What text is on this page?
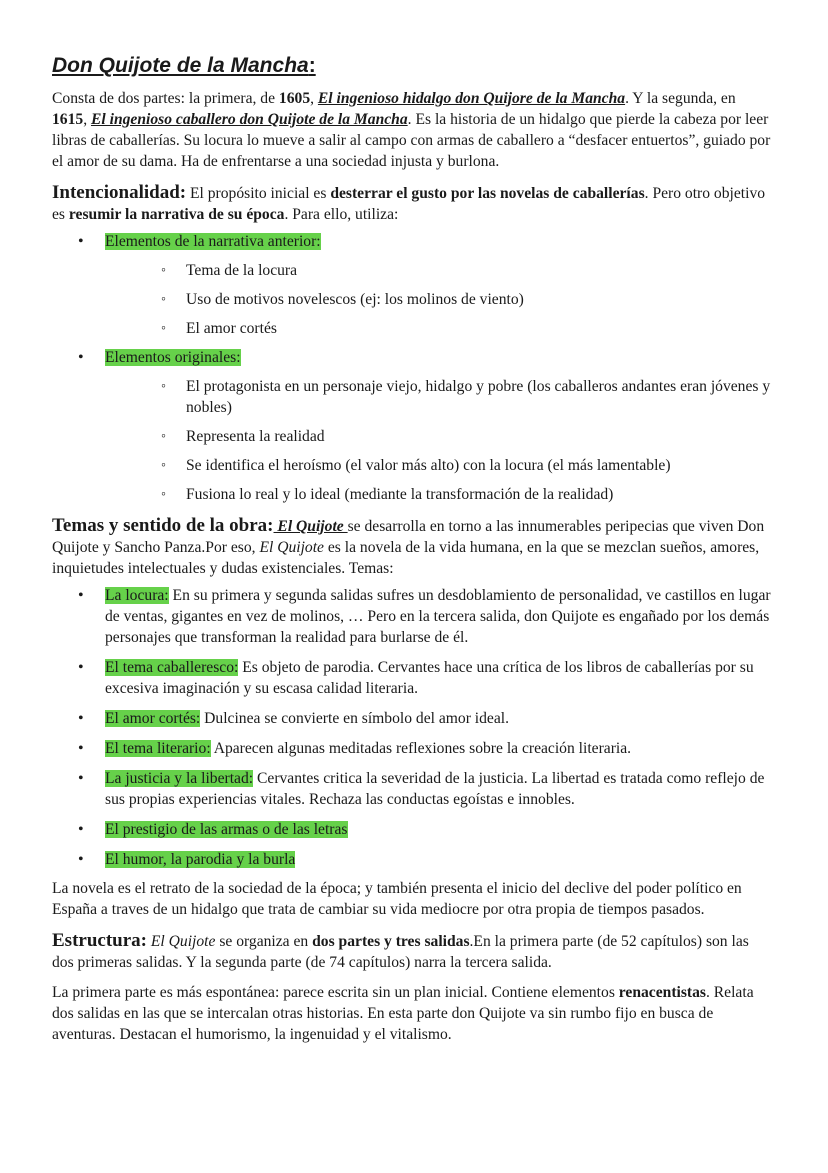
Don Quijote de la Mancha:

Consta de dos partes: la primera, de 1605, El ingenioso hidalgo don Quijore de la Mancha. Y la segunda, en 1615, El ingenioso caballero don Quijote de la Mancha. Es la historia de un hidalgo que pierde la cabeza por leer libras de caballerías. Su locura lo mueve a salir al campo con armas de caballero a “desfacer entuertos”, guiado por el amor de su dama. Ha de enfrentarse a una sociedad injusta y burlona.

Intencionalidad: El propósito inicial es desterrar el gusto por las novelas de caballerías. Pero otro objetivo es resumir la narrativa de su época. Para ello, utiliza:

• Elementos de la narrativa anterior:
◦ Tema de la locura
◦ Uso de motivos novelescos (ej: los molinos de viento)
◦ El amor cortés
• Elementos originales:
◦ El protagonista en un personaje viejo, hidalgo y pobre (los caballeros andantes eran jóvenes y nobles)
◦ Representa la realidad
◦ Se identifica el heroísmo (el valor más alto) con la locura (el más lamentable)
◦ Fusiona lo real y lo ideal (mediante la transformación de la realidad)

Temas y sentido de la obra: El Quijote se desarrolla en torno a las innumerables peripecias que viven Don Quijote y Sancho Panza.Por eso, El Quijote es la novela de la vida humana, en la que se mezclan sueños, amores, inquietudes intelectuales y dudas existenciales. Temas:

• La locura: En su primera y segunda salidas sufres un desdoblamiento de personalidad, ve castillos en lugar de ventas, gigantes en vez de molinos, … Pero en la tercera salida, don Quijote es engañado por los demás personajes que transforman la realidad para burlarse de él.
• El tema caballeresco: Es objeto de parodia. Cervantes hace una crítica de los libros de caballerías por su excesiva imaginación y su escasa calidad literaria.
• El amor cortés: Dulcinea se convierte en símbolo del amor ideal.
• El tema literario: Aparecen algunas meditadas reflexiones sobre la creación literaria.
• La justicia y la libertad: Cervantes critica la severidad de la justicia. La libertad es tratada como reflejo de sus propias experiencias vitales. Rechaza las conductas egoístas e innobles.
• El prestigio de las armas o de las letras
• El humor, la parodia y la burla

La novela es el retrato de la sociedad de la época; y también presenta el inicio del declive del poder político en España a traves de un hidalgo que trata de cambiar su vida mediocre por otra propia de tiempos pasados.

Estructura: El Quijote se organiza en dos partes y tres salidas.En la primera parte (de 52 capítulos) son las dos primeras salidas. Y la segunda parte (de 74 capítulos) narra la tercera salida.

La primera parte es más espontánea: parece escrita sin un plan inicial. Contiene elementos renacentistas. Relata dos salidas en las que se intercalan otras historias. En esta parte don Quijote va sin rumbo fijo en busca de aventuras. Destacan el humorismo, la ingenuidad y el vitalismo.
